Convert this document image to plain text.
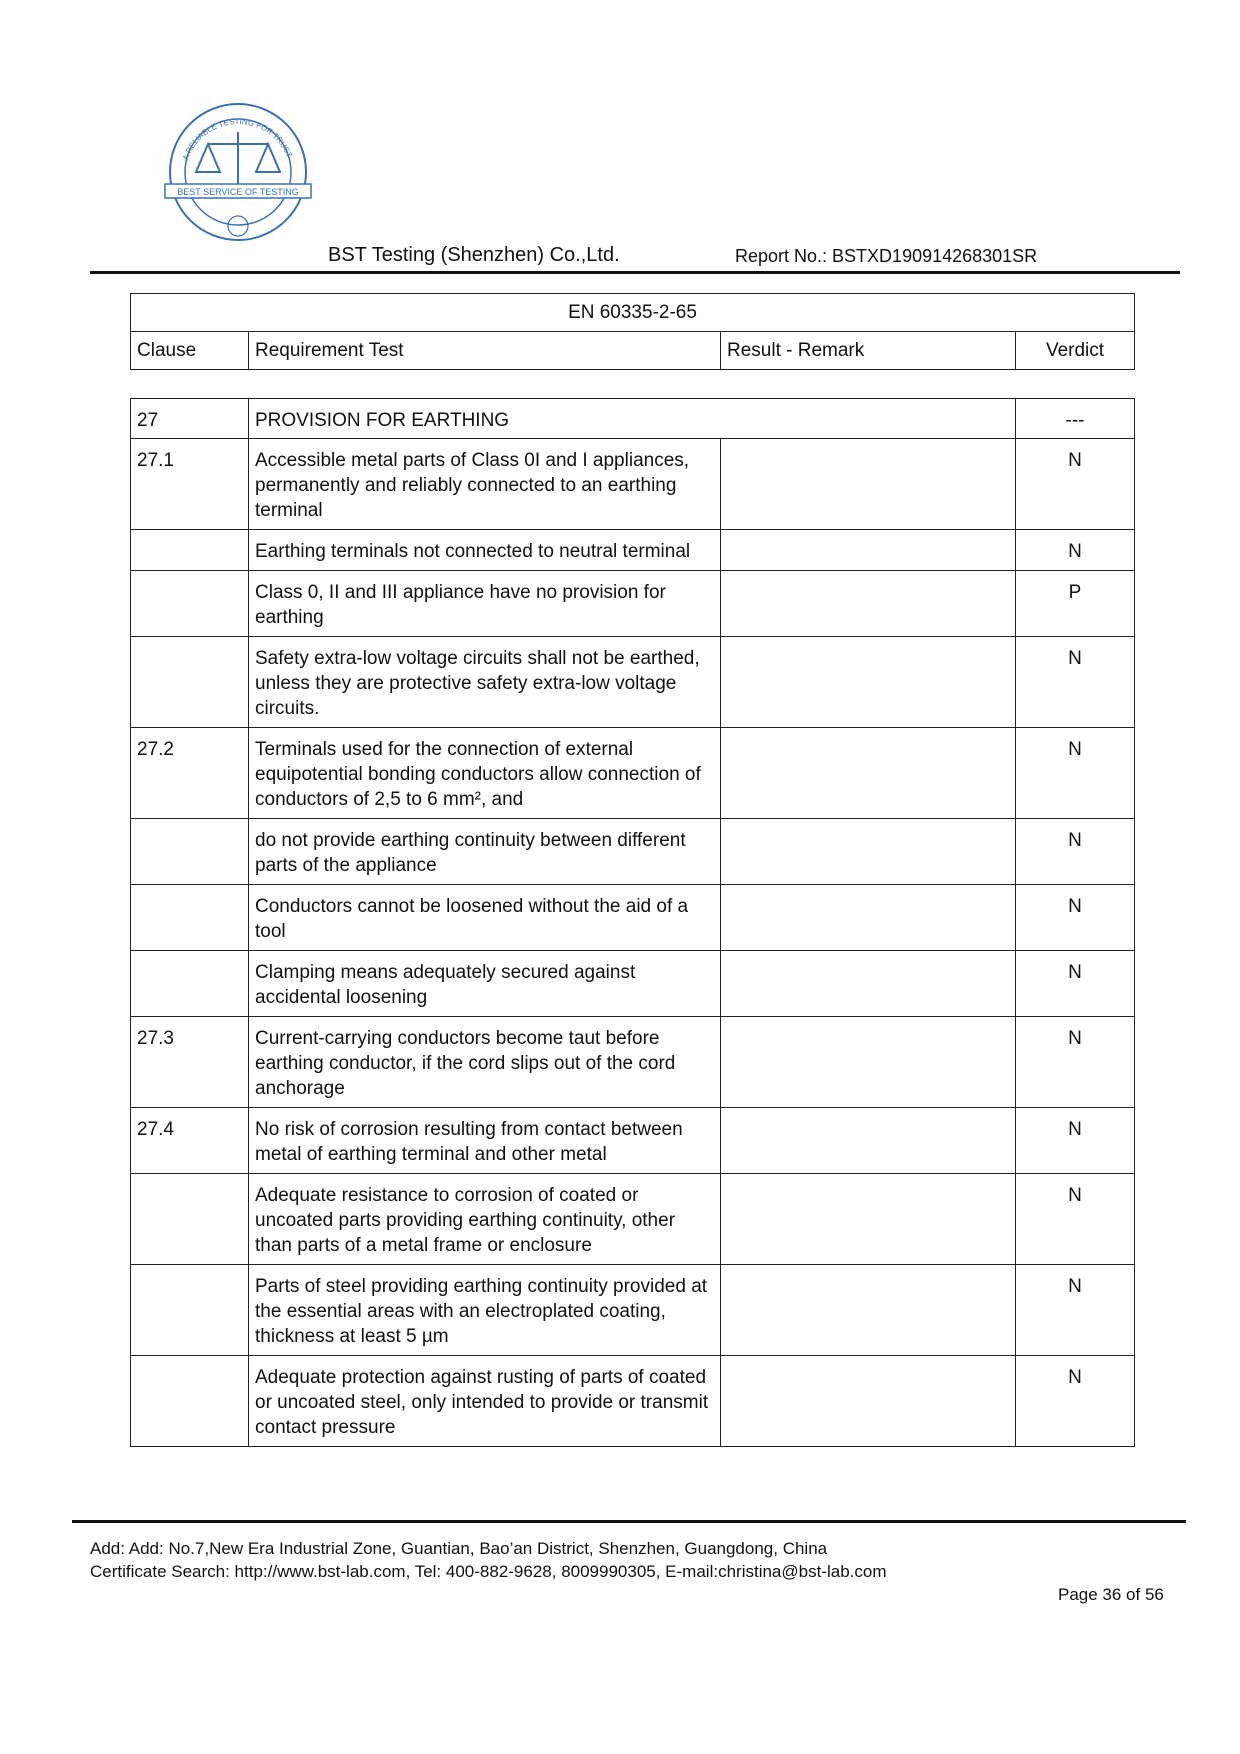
A RELIABLE TESTING FOR TRUST
BEST SERVICE OF TESTING
BST Testing (Shenzhen) Co.,Ltd.	Report No.: BSTXD190914268301SR
EN 60335-2-65
Clause	Requirement Test	Result - Remark	Verdict
27	PROVISION FOR EARTHING		---
27.1	Accessible metal parts of Class 0I and I appliances, permanently and reliably connected to an earthing terminal		N
	Earthing terminals not connected to neutral terminal		N
	Class 0, II and III appliance have no provision for earthing		P
	Safety extra-low voltage circuits shall not be earthed, unless they are protective safety extra-low voltage circuits.		N
27.2	Terminals used for the connection of external equipotential bonding conductors allow connection of conductors of 2,5 to 6 mm², and		N
	do not provide earthing continuity between different parts of the appliance		N
	Conductors cannot be loosened without the aid of a tool		N
	Clamping means adequately secured against accidental loosening		N
27.3	Current-carrying conductors become taut before earthing conductor, if the cord slips out of the cord anchorage		N
27.4	No risk of corrosion resulting from contact between metal of earthing terminal and other metal		N
	Adequate resistance to corrosion of coated or uncoated parts providing earthing continuity, other than parts of a metal frame or enclosure		N
	Parts of steel providing earthing continuity provided at the essential areas with an electroplated coating, thickness at least 5 µm		N
	Adequate protection against rusting of parts of coated or uncoated steel, only intended to provide or transmit contact pressure		N
Add: Add: No.7,New Era Industrial Zone, Guantian, Bao’an District, Shenzhen, Guangdong, China
Certificate Search: http://www.bst-lab.com, Tel: 400-882-9628, 8009990305, E-mail:christina@bst-lab.com
Page 36 of 56
